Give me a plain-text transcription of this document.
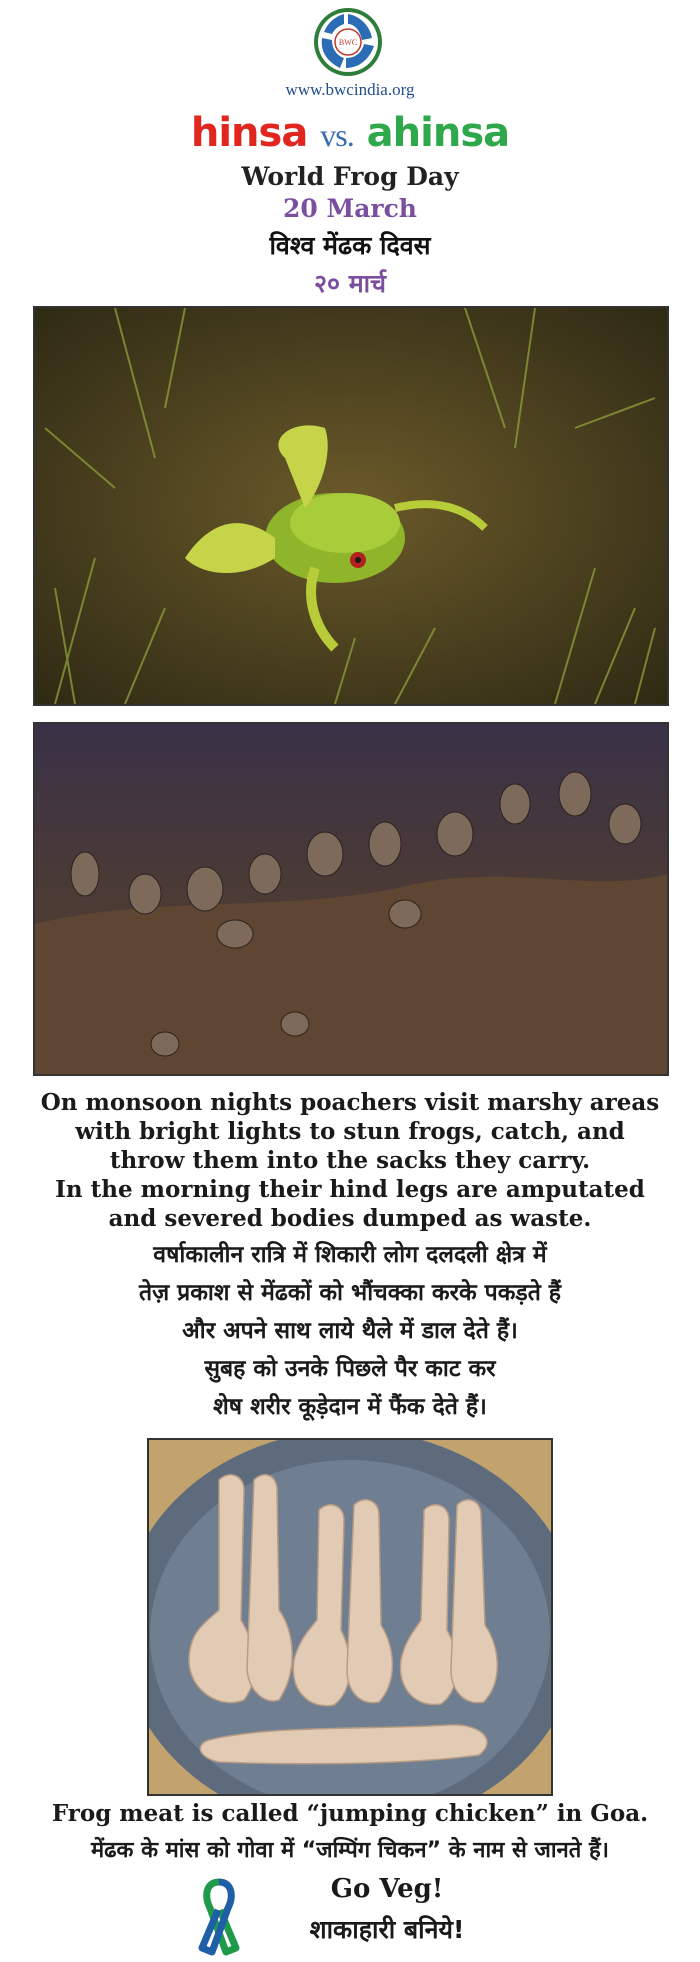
BWC
www.bwcindia.org
hinsa vs. ahinsa
World Frog Day
20 March
विश्व मेंढक दिवस
२० मार्च
On monsoon nights poachers visit marshy areas
with bright lights to stun frogs, catch, and
throw them into the sacks they carry.
In the morning their hind legs are amputated
and severed bodies dumped as waste.
वर्षाकालीन रात्रि में शिकारी लोग दलदली क्षेत्र में
तेज़ प्रकाश से मेंढकों को भौंचक्का करके पकड़ते हैं
और अपने साथ लाये थैले में डाल देते हैं।
सुबह को उनके पिछले पैर काट कर
शेष शरीर कूड़ेदान में फैंक देते हैं।
Frog meat is called “jumping chicken” in Goa.
मेंढक के मांस को गोवा में “जम्पिंग चिकन” के नाम से जानते हैं।
Go Veg!
शाकाहारी बनिये!
